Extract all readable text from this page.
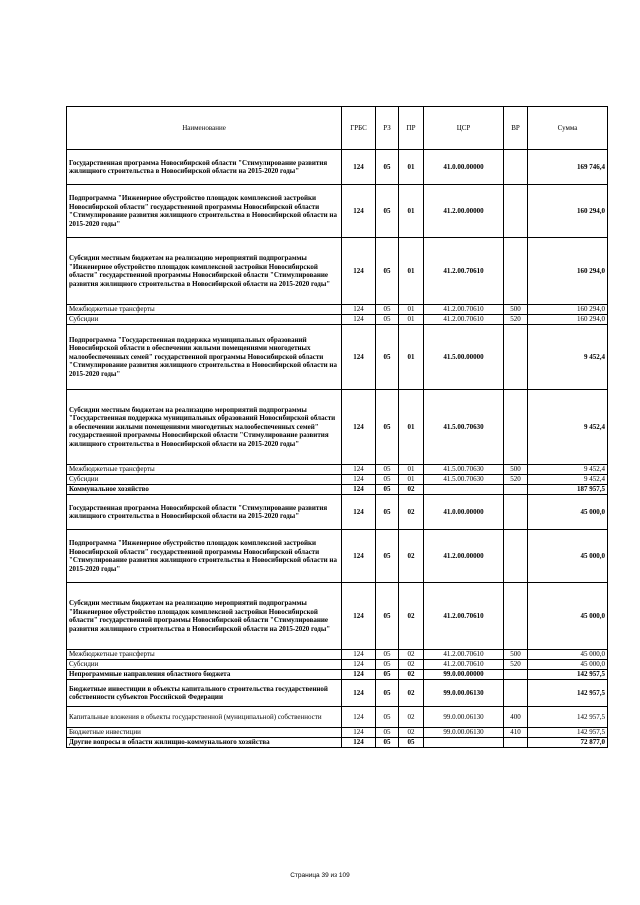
Наименование	ГРБС	РЗ	ПР	ЦСР	ВР	Сумма
Государственная программа Новосибирской области "Стимулирование развития жилищного строительства в Новосибирской области на 2015-2020 годы"	124	05	01	41.0.00.00000		169 746,4
Подпрограмма "Инженерное обустройство площадок комплексной застройки Новосибирской области" государственной программы Новосибирской области "Стимулирование развития жилищного строительства в Новосибирской области на 2015-2020 годы"	124	05	01	41.2.00.00000		160 294,0
Субсидии местным бюджетам на реализацию мероприятий подпрограммы "Инженерное обустройство площадок комплексной застройки Новосибирской области" государственной программы Новосибирской области "Стимулирование развития жилищного строительства в Новосибирской области на 2015-2020 годы"	124	05	01	41.2.00.70610		160 294,0
Межбюджетные трансферты	124	05	01	41.2.00.70610	500	160 294,0
Субсидии	124	05	01	41.2.00.70610	520	160 294,0
Подпрограмма "Государственная поддержка муниципальных образований Новосибирской области в обеспечении жилыми помещениями многодетных малообеспеченных семей" государственной программы Новосибирской области "Стимулирование развития жилищного строительства в Новосибирской области на 2015-2020 годы"	124	05	01	41.5.00.00000		9 452,4
Субсидии местным бюджетам на реализацию мероприятий подпрограммы "Государственная поддержка муниципальных образований Новосибирской области в обеспечении жилыми помещениями многодетных малообеспеченных семей" государственной программы Новосибирской области "Стимулирование развития жилищного строительства в Новосибирской области на 2015-2020 годы"	124	05	01	41.5.00.70630		9 452,4
Межбюджетные трансферты	124	05	01	41.5.00.70630	500	9 452,4
Субсидии	124	05	01	41.5.00.70630	520	9 452,4
Коммунальное хозяйство	124	05	02			187 957,5
Государственная программа Новосибирской области "Стимулирование развития жилищного строительства в Новосибирской области на 2015-2020 годы"	124	05	02	41.0.00.00000		45 000,0
Подпрограмма "Инженерное обустройство площадок комплексной застройки Новосибирской области" государственной программы Новосибирской области "Стимулирование развития жилищного строительства в Новосибирской области на 2015-2020 годы"	124	05	02	41.2.00.00000		45 000,0
Субсидии местным бюджетам на реализацию мероприятий подпрограммы "Инженерное обустройство площадок комплексной застройки Новосибирской области" государственной программы Новосибирской области "Стимулирование развития жилищного строительства в Новосибирской области на 2015-2020 годы"	124	05	02	41.2.00.70610		45 000,0
Межбюджетные трансферты	124	05	02	41.2.00.70610	500	45 000,0
Субсидии	124	05	02	41.2.00.70610	520	45 000,0
Непрограммные направления областного бюджета	124	05	02	99.0.00.00000		142 957,5
Бюджетные инвестиции в объекты капитального строительства государственной собственности субъектов Российской Федерации	124	05	02	99.0.00.06130		142 957,5
Капитальные вложения в объекты государственной (муниципальной) собственности	124	05	02	99.0.00.06130	400	142 957,5
Бюджетные инвестиции	124	05	02	99.0.00.06130	410	142 957,5
Другие вопросы в области жилищно-коммунального хозяйства	124	05	05			72 877,0
Страница 39 из 109
